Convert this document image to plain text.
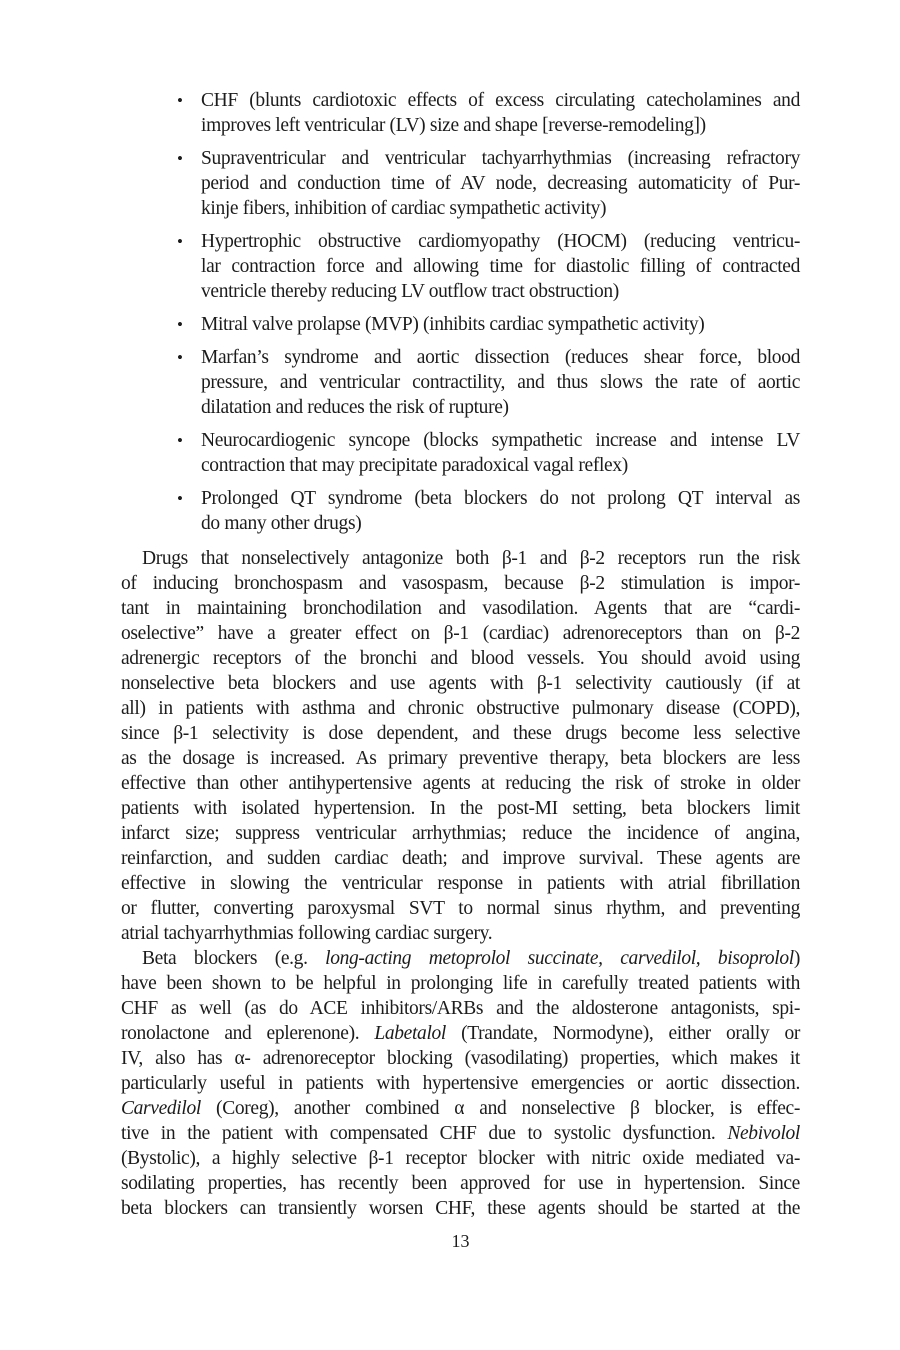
• CHF (blunts cardiotoxic effects of excess circulating catecholamines and
improves left ventricular (LV) size and shape [reverse-remodeling])
• Supraventricular and ventricular tachyarrhythmias (increasing refractory
period and conduction time of AV node, decreasing automaticity of Pur-
kinje fibers, inhibition of cardiac sympathetic activity)
• Hypertrophic obstructive cardiomyopathy (HOCM) (reducing ventricu-
lar contraction force and allowing time for diastolic filling of contracted
ventricle thereby reducing LV outflow tract obstruction)
• Mitral valve prolapse (MVP) (inhibits cardiac sympathetic activity)
• Marfan’s syndrome and aortic dissection (reduces shear force, blood
pressure, and ventricular contractility, and thus slows the rate of aortic
dilatation and reduces the risk of rupture)
• Neurocardiogenic syncope (blocks sympathetic increase and intense LV
contraction that may precipitate paradoxical vagal reflex)
• Prolonged QT syndrome (beta blockers do not prolong QT interval as
do many other drugs)
Drugs that nonselectively antagonize both β-1 and β-2 receptors run the risk
of inducing bronchospasm and vasospasm, because β-2 stimulation is impor-
tant in maintaining bronchodilation and vasodilation. Agents that are “cardi-
oselective” have a greater effect on β-1 (cardiac) adrenoreceptors than on β-2
adrenergic receptors of the bronchi and blood vessels. You should avoid using
nonselective beta blockers and use agents with β-1 selectivity cautiously (if at
all) in patients with asthma and chronic obstructive pulmonary disease (COPD),
since β-1 selectivity is dose dependent, and these drugs become less selective
as the dosage is increased. As primary preventive therapy, beta blockers are less
effective than other antihypertensive agents at reducing the risk of stroke in older
patients with isolated hypertension. In the post-MI setting, beta blockers limit
infarct size; suppress ventricular arrhythmias; reduce the incidence of angina,
reinfarction, and sudden cardiac death; and improve survival. These agents are
effective in slowing the ventricular response in patients with atrial fibrillation
or flutter, converting paroxysmal SVT to normal sinus rhythm, and preventing
atrial tachyarrhythmias following cardiac surgery.
Beta blockers (e.g. long-acting metoprolol succinate, carvedilol, bisoprolol)
have been shown to be helpful in prolonging life in carefully treated patients with
CHF as well (as do ACE inhibitors/ARBs and the aldosterone antagonists, spi-
ronolactone and eplerenone). Labetalol (Trandate, Normodyne), either orally or
IV, also has α- adrenoreceptor blocking (vasodilating) properties, which makes it
particularly useful in patients with hypertensive emergencies or aortic dissection.
Carvedilol (Coreg), another combined α and nonselective β blocker, is effec-
tive in the patient with compensated CHF due to systolic dysfunction. Nebivolol
(Bystolic), a highly selective β-1 receptor blocker with nitric oxide mediated va-
sodilating properties, has recently been approved for use in hypertension. Since
beta blockers can transiently worsen CHF, these agents should be started at the
13
